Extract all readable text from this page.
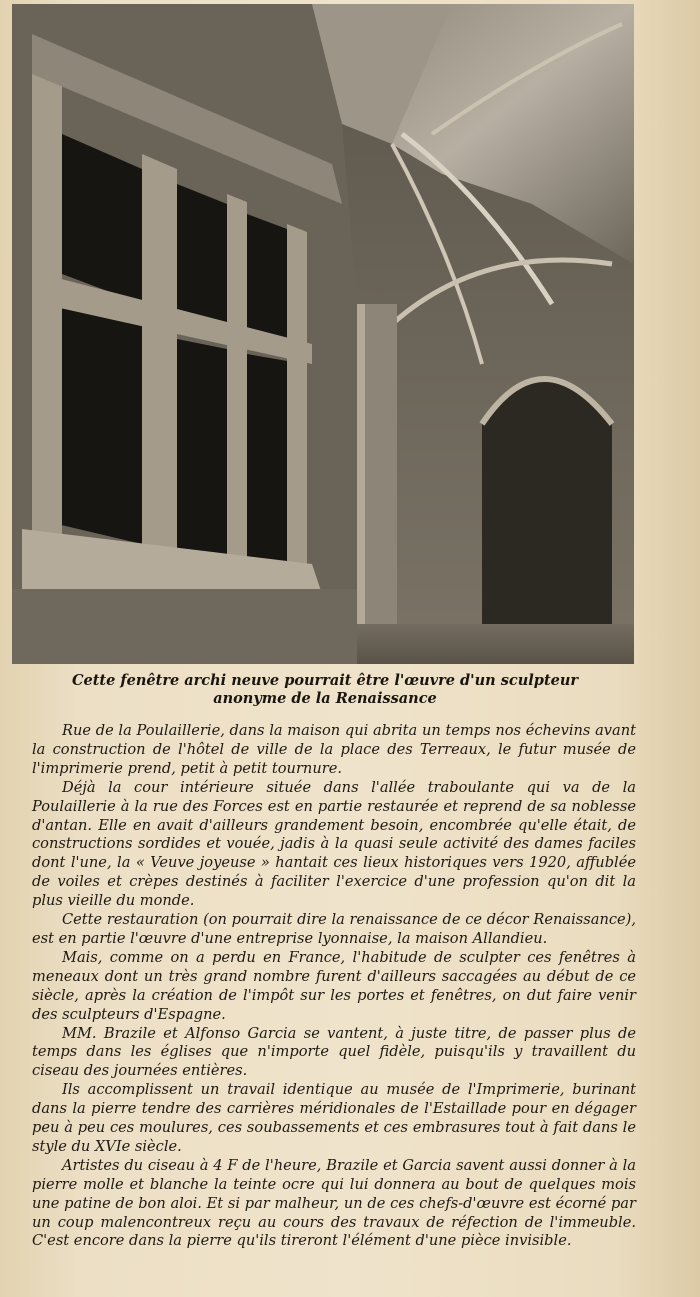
Cette fenêtre archi neuve pourrait être l'œuvre d'un sculpteur
anonyme de la Renaissance

Rue de la Poulaillerie, dans la maison qui abrita un temps nos échevins avant la construction de l'hôtel de ville de la place des Terreaux, le futur musée de l'imprimerie prend, petit à petit tournure.

Déjà la cour intérieure située dans l'allée traboulante qui va de la Poulaillerie à la rue des Forces est en partie restaurée et reprend de sa noblesse d'antan. Elle en avait d'ailleurs grandement besoin, encombrée qu'elle était, de constructions sordides et vouée, jadis à la quasi seule activité des dames faciles dont l'une, la « Veuve joyeuse » hantait ces lieux historiques vers 1920, affublée de voiles et crèpes destinés à faciliter l'exercice d'une profession qu'on dit la plus vieille du monde.

Cette restauration (on pourrait dire la renaissance de ce décor Renaissance), est en partie l'œuvre d'une entreprise lyonnaise, la maison Allandieu.

Mais, comme on a perdu en France, l'habitude de sculpter ces fenêtres à meneaux dont un très grand nombre furent d'ailleurs saccagées au début de ce siècle, après la création de l'impôt sur les portes et fenêtres, on dut faire venir des sculpteurs d'Espagne.

MM. Brazile et Alfonso Garcia se vantent, à juste titre, de passer plus de temps dans les églises que n'importe quel fidèle, puisqu'ils y travaillent du ciseau des journées entières.

Ils accomplissent un travail identique au musée de l'Imprimerie, burinant dans la pierre tendre des carrières méridionales de l'Estaillade pour en dégager peu à peu ces moulures, ces soubassements et ces embrasures tout à fait dans le style du XVIe siècle.

Artistes du ciseau à 4 F de l'heure, Brazile et Garcia savent aussi donner à la pierre molle et blanche la teinte ocre qui lui donnera au bout de quelques mois une patine de bon aloi. Et si par malheur, un de ces chefs-d'œuvre est écorné par un coup malencontreux reçu au cours des travaux de réfection de l'immeuble. C'est encore dans la pierre qu'ils tireront l'élément d'une pièce invisible.
